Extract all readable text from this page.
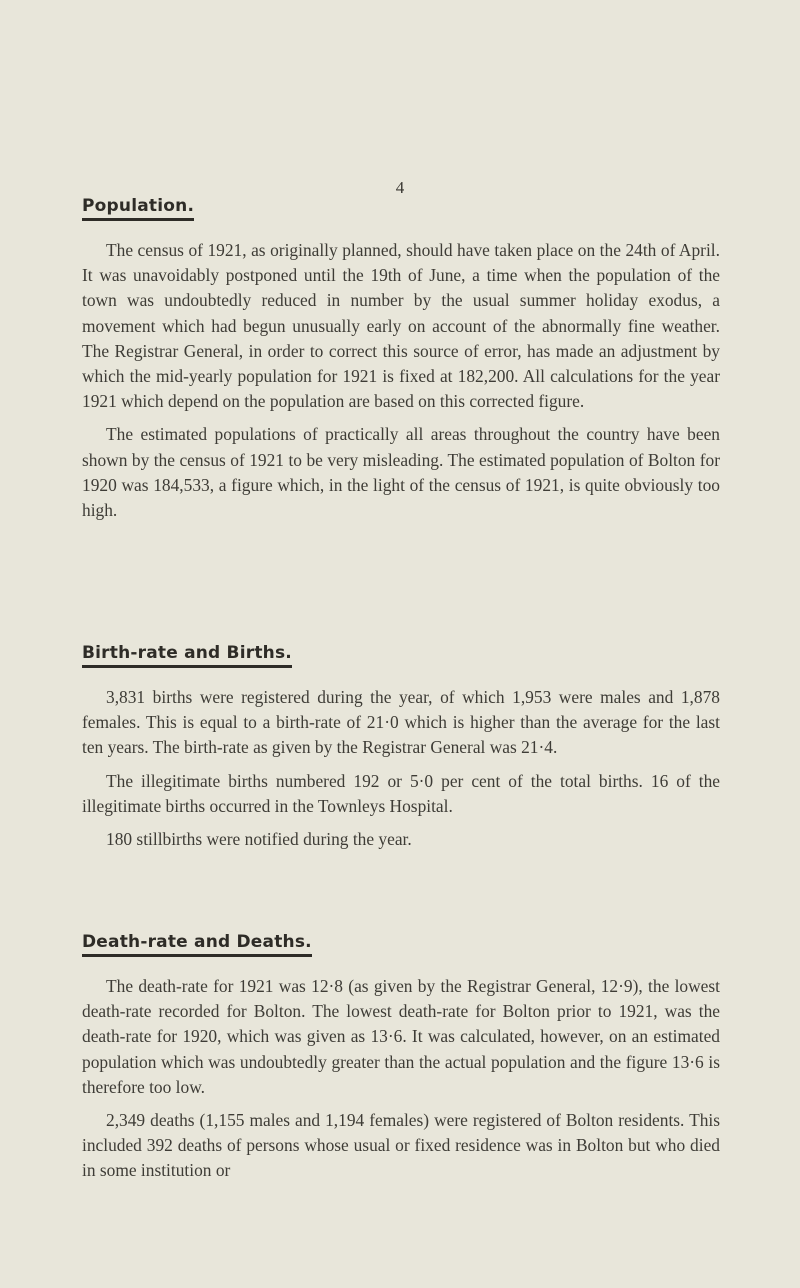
4
Population.

The census of 1921, as originally planned, should have taken place on the 24th of April. It was unavoidably postponed until the 19th of June, a time when the population of the town was undoubtedly reduced in number by the usual summer holiday exodus, a movement which had begun unusually early on account of the abnormally fine weather. The Registrar General, in order to correct this source of error, has made an adjustment by which the mid-yearly population for 1921 is fixed at 182,200. All calculations for the year 1921 which depend on the population are based on this corrected figure.

The estimated populations of practically all areas throughout the country have been shown by the census of 1921 to be very misleading. The estimated population of Bolton for 1920 was 184,533, a figure which, in the light of the census of 1921, is quite obviously too high.

Birth-rate and Births.

3,831 births were registered during the year, of which 1,953 were males and 1,878 females. This is equal to a birth-rate of 21·0 which is higher than the average for the last ten years. The birth-rate as given by the Registrar General was 21·4.

The illegitimate births numbered 192 or 5·0 per cent of the total births. 16 of the illegitimate births occurred in the Townleys Hospital.

180 stillbirths were notified during the year.

Death-rate and Deaths.

The death-rate for 1921 was 12·8 (as given by the Registrar General, 12·9), the lowest death-rate recorded for Bolton. The lowest death-rate for Bolton prior to 1921, was the death-rate for 1920, which was given as 13·6. It was calculated, however, on an estimated population which was undoubtedly greater than the actual population and the figure 13·6 is therefore too low.

2,349 deaths (1,155 males and 1,194 females) were registered of Bolton residents. This included 392 deaths of persons whose usual or fixed residence was in Bolton but who died in some institution or
